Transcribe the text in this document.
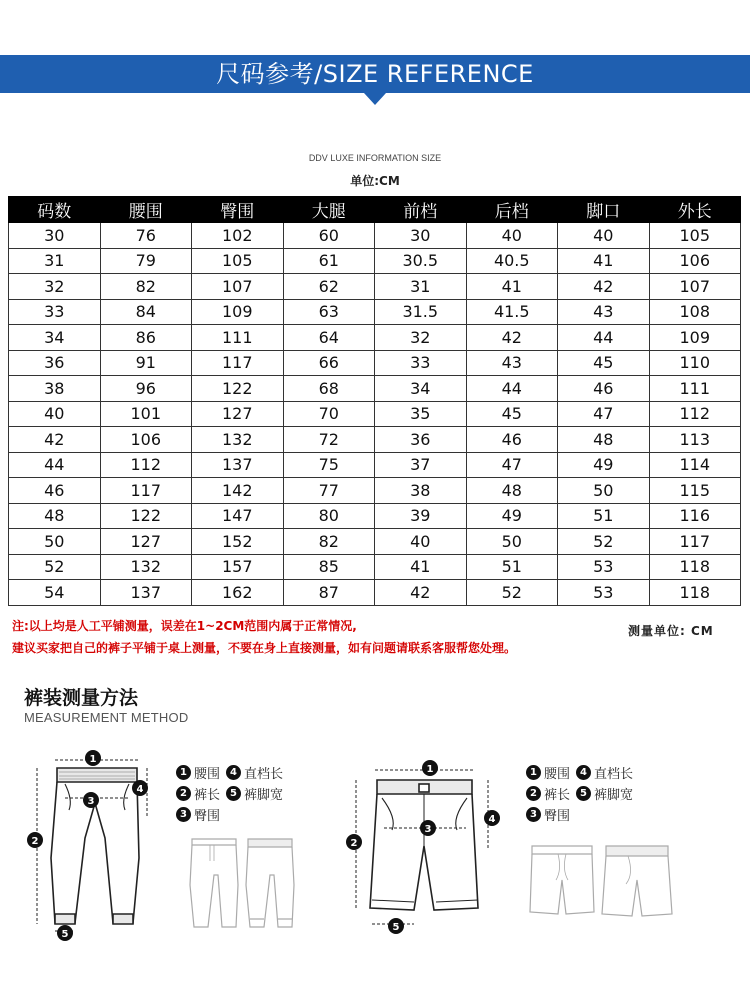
尺码参考/SIZE REFERENCE
DDV LUXE INFORMATION SIZE
单位:CM
码数	腰围	臀围	大腿	前档	后档	脚口	外长
30	76	102	60	30	40	40	105
31	79	105	61	30.5	40.5	41	106
32	82	107	62	31	41	42	107
33	84	109	63	31.5	41.5	43	108
34	86	111	64	32	42	44	109
36	91	117	66	33	43	45	110
38	96	122	68	34	44	46	111
40	101	127	70	35	45	47	112
42	106	132	72	36	46	48	113
44	112	137	75	37	47	49	114
46	117	142	77	38	48	50	115
48	122	147	80	39	49	51	116
50	127	152	82	40	50	52	117
52	132	157	85	41	51	53	118
54	137	162	87	42	52	53	118
注:以上均是人工平铺测量，误差在1~2CM范围内属于正常情况,
建议买家把自己的裤子平铺于桌上测量，不要在身上直接测量，如有问题请联系客服帮您处理。
测量单位: CM
裤装测量方法
MEASUREMENT METHOD
1
3
2
4
5
1 腰围	4 直档长
2 裤长	5 裤脚宽
3 臀围
1
3
2
4
5
1 腰围	4 直档长
2 裤长	5 裤脚宽
3 臀围
